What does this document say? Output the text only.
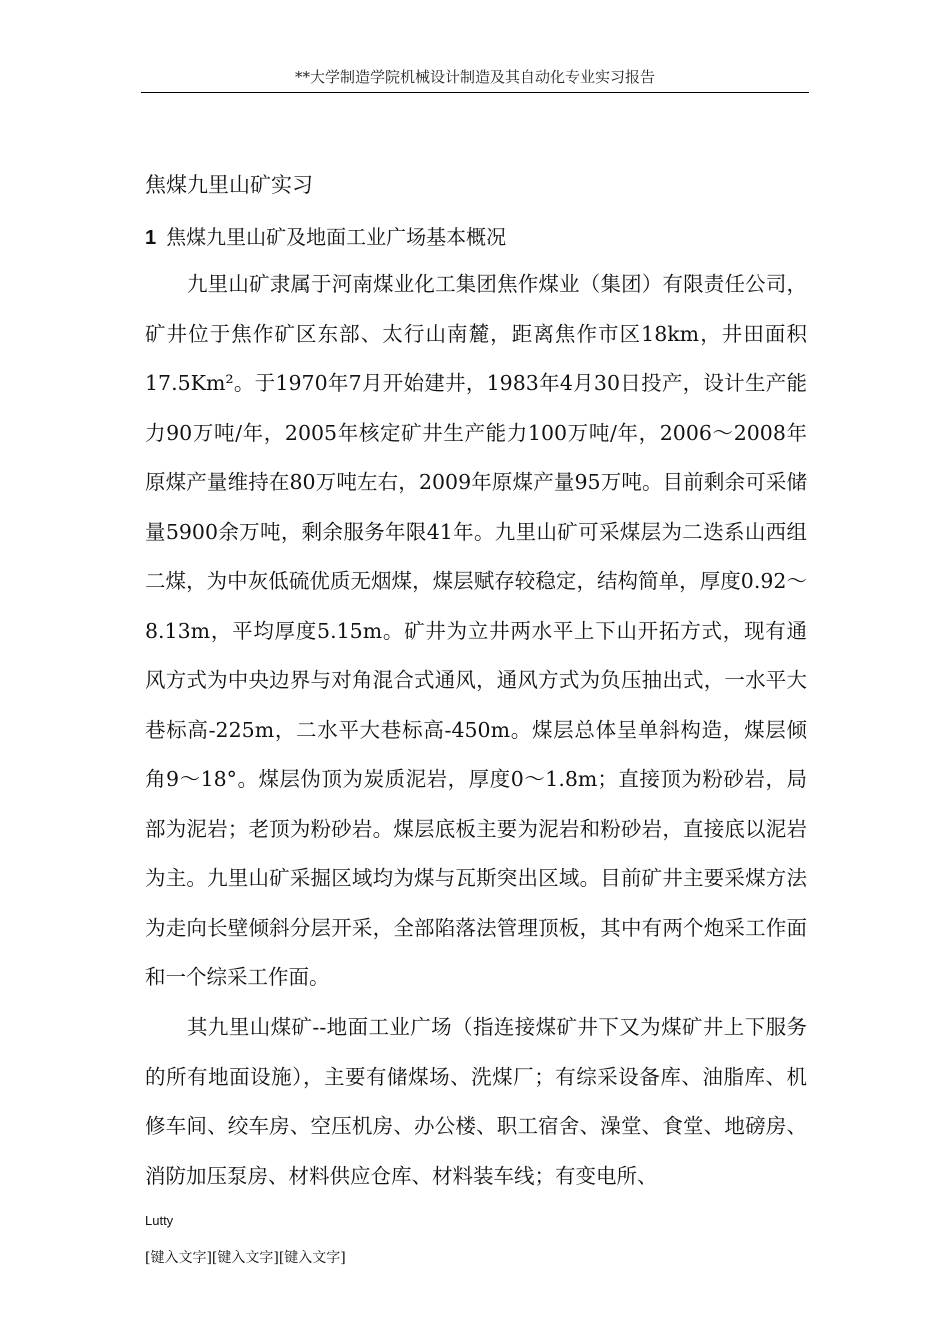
**大学制造学院机械设计制造及其自动化专业实习报告
焦煤九里山矿实习
1 焦煤九里山矿及地面工业广场基本概况

九里山矿隶属于河南煤业化工集团焦作煤业（集团）有限责任公司，矿井位于焦作矿区东部、太行山南麓，距离焦作市区18km，井田面积17.5Km²。于1970年7月开始建井，1983年4月30日投产，设计生产能力90万吨/年，2005年核定矿井生产能力100万吨/年，2006～2008年原煤产量维持在80万吨左右，2009年原煤产量95万吨。目前剩余可采储量5900余万吨，剩余服务年限41年。九里山矿可采煤层为二迭系山西组二煤，为中灰低硫优质无烟煤，煤层赋存较稳定，结构简单，厚度0.92～8.13m，平均厚度5.15m。矿井为立井两水平上下山开拓方式，现有通风方式为中央边界与对角混合式通风，通风方式为负压抽出式，一水平大巷标高-225m，二水平大巷标高-450m。煤层总体呈单斜构造，煤层倾角9～18°。煤层伪顶为炭质泥岩，厚度0～1.8m；直接顶为粉砂岩，局部为泥岩；老顶为粉砂岩。煤层底板主要为泥岩和粉砂岩，直接底以泥岩为主。九里山矿采掘区域均为煤与瓦斯突出区域。目前矿井主要采煤方法为走向长壁倾斜分层开采，全部陷落法管理顶板，其中有两个炮采工作面和一个综采工作面。

其九里山煤矿--地面工业广场（指连接煤矿井下又为煤矿井上下服务的所有地面设施），主要有储煤场、洗煤厂；有综采设备库、油脂库、机修车间、绞车房、空压机房、办公楼、职工宿舍、澡堂、食堂、地磅房、消防加压泵房、材料供应仓库、材料装车线；有变电所、

Lutty
[键入文字][键入文字][键入文字]
